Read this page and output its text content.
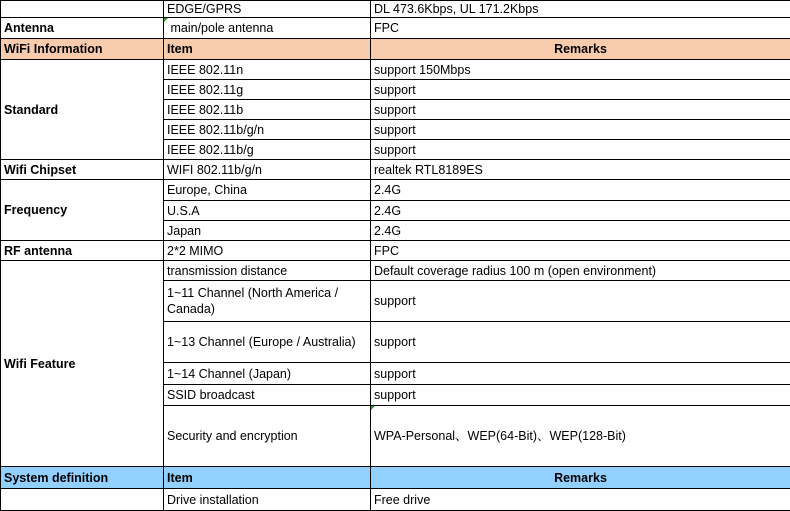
	EDGE/GPRS	DL 473.6Kbps, UL 171.2Kbps
Antenna	main/pole antenna	FPC
WiFi Information	Item	Remarks
Standard	IEEE 802.11n	support 150Mbps
	IEEE 802.11g	support
	IEEE 802.11b	support
	IEEE 802.11b/g/n	support
	IEEE 802.11b/g	support
Wifi Chipset	WIFI 802.11b/g/n	realtek RTL8189ES
Frequency	Europe, China	2.4G
	U.S.A	2.4G
	Japan	2.4G
RF antenna	2*2 MIMO	FPC
Wifi Feature	transmission distance	Default coverage radius 100 m (open environment)
	1~11 Channel (North America / Canada)	support
	1~13 Channel (Europe / Australia)	support
	1~14 Channel (Japan)	support
	SSID broadcast	support
	Security and encryption	WPA-Personal、WEP(64-Bit)、WEP(128-Bit)
System definition	Item	Remarks
	Drive installation	Free drive
